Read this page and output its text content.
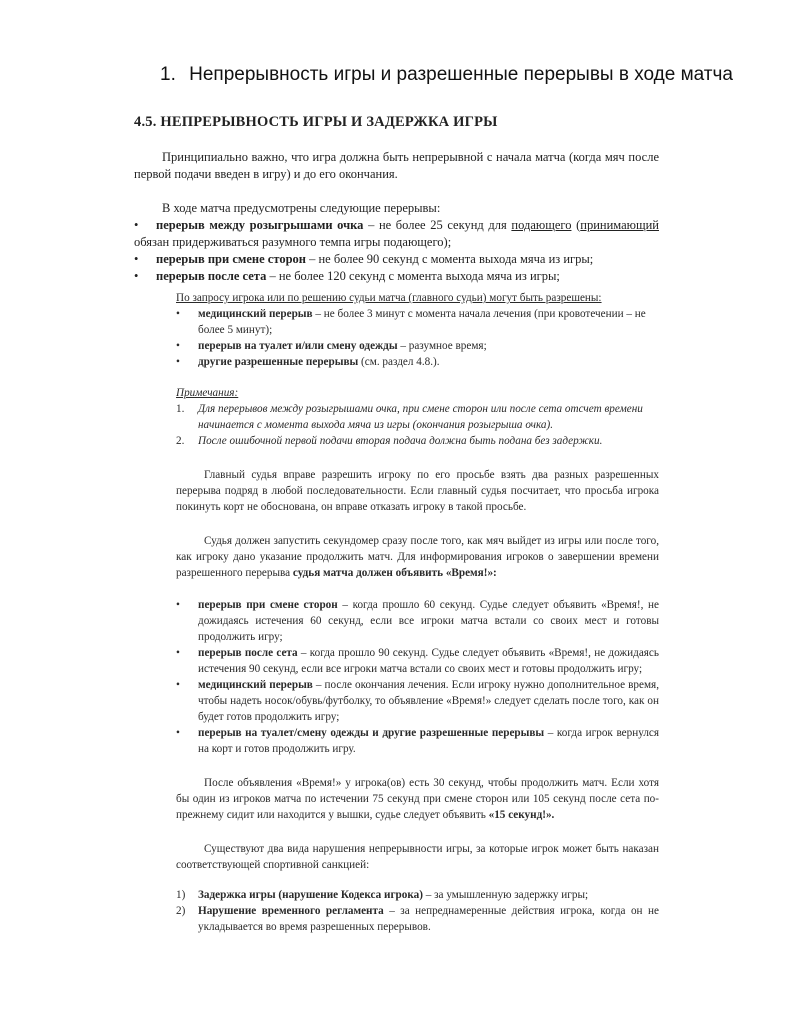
1. Непрерывность игры и разрешенные перерывы в ходе матча
4.5. НЕПРЕРЫВНОСТЬ ИГРЫ И ЗАДЕРЖКА ИГРЫ

Принципиально важно, что игра должна быть непрерывной с начала матча (когда мяч после первой подачи введен в игру) и до его окончания.

В ходе матча предусмотрены следующие перерывы:

• перерыв между розыгрышами очка – не более 25 секунд для подающего (принимающий обязан придерживаться разумного темпа игры подающего);
• перерыв при смене сторон – не более 90 секунд с момента выхода мяча из игры;
• перерыв после сета – не более 120 секунд с момента выхода мяча из игры;

По запросу игрока или по решению судьи матча (главного судьи) могут быть разрешены:

• медицинский перерыв – не более 3 минут с момента начала лечения (при кровотечении – не более 5 минут);
• перерыв на туалет и/или смену одежды – разумное время;
• другие разрешенные перерывы (см. раздел 4.8.).

Примечания:

1. Для перерывов между розыгрышами очка, при смене сторон или после сета отсчет времени начинается с момента выхода мяча из игры (окончания розыгрыша очка).
2. После ошибочной первой подачи вторая подача должна быть подана без задержки.

Главный судья вправе разрешить игроку по его просьбе взять два разных разрешенных перерыва подряд в любой последовательности. Если главный судья посчитает, что просьба игрока покинуть корт не обоснована, он вправе отказать игроку в такой просьбе.

Судья должен запустить секундомер сразу после того, как мяч выйдет из игры или после того, как игроку дано указание продолжить матч. Для информирования игроков о завершении времени разрешенного перерыва судья матча должен объявить «Время!»:

• перерыв при смене сторон – когда прошло 60 секунд. Судье следует объявить «Время!, не дожидаясь истечения 60 секунд, если все игроки матча встали со своих мест и готовы продолжить игру;
• перерыв после сета – когда прошло 90 секунд. Судье следует объявить «Время!, не дожидаясь истечения 90 секунд, если все игроки матча встали со своих мест и готовы продолжить игру;
• медицинский перерыв – после окончания лечения. Если игроку нужно дополнительное время, чтобы надеть носок/обувь/футболку, то объявление «Время!» следует сделать после того, как он будет готов продолжить игру;
• перерыв на туалет/смену одежды и другие разрешенные перерывы – когда игрок вернулся на корт и готов продолжить игру.

После объявления «Время!» у игрока(ов) есть 30 секунд, чтобы продолжить матч. Если хотя бы один из игроков матча по истечении 75 секунд при смене сторон или 105 секунд после сета по-прежнему сидит или находится у вышки, судье следует объявить «15 секунд!».

Существуют два вида нарушения непрерывности игры, за которые игрок может быть наказан соответствующей спортивной санкцией:

1) Задержка игры (нарушение Кодекса игрока) – за умышленную задержку игры;
2) Нарушение временного регламента – за непреднамеренные действия игрока, когда он не укладывается во время разрешенных перерывов.
